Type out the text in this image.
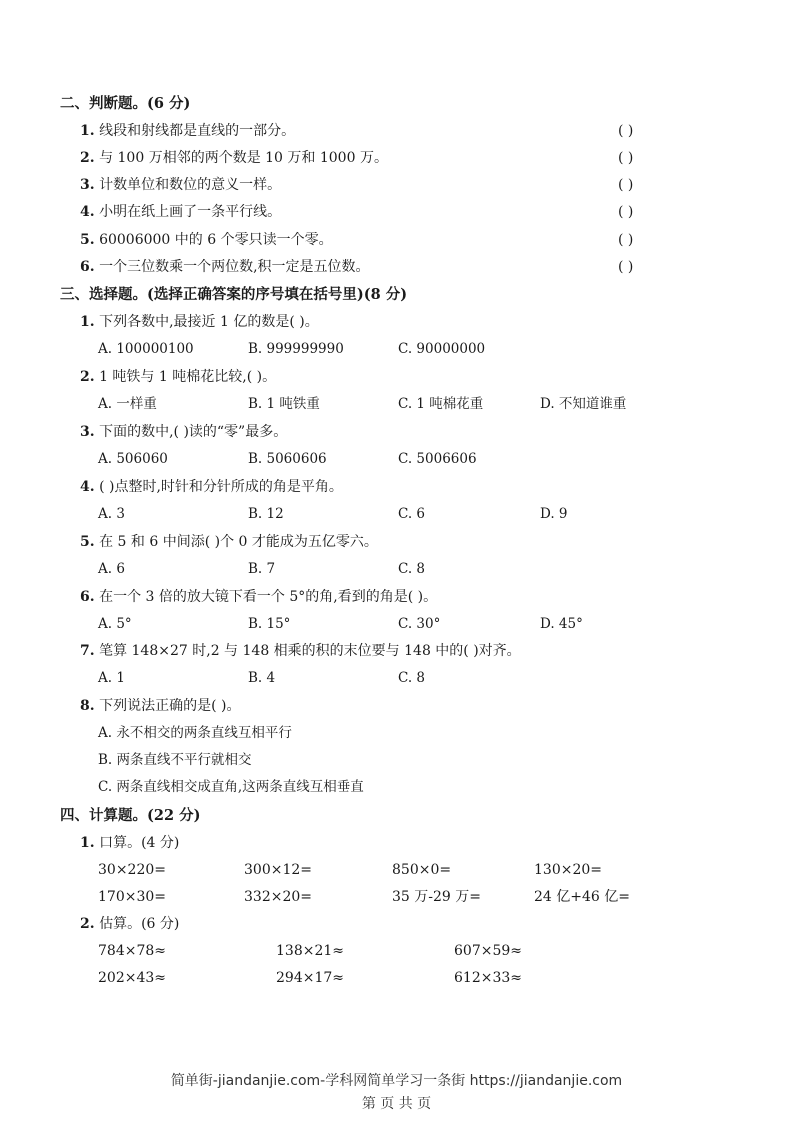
二、判断题。(6 分)
1. 线段和射线都是直线的一部分。	( )
2. 与 100 万相邻的两个数是 10 万和 1000 万。	( )
3. 计数单位和数位的意义一样。	( )
4. 小明在纸上画了一条平行线。	( )
5. 60006000 中的 6 个零只读一个零。	( )
6. 一个三位数乘一个两位数,积一定是五位数。	( )
三、选择题。(选择正确答案的序号填在括号里)(8 分)
1. 下列各数中,最接近 1 亿的数是( )。
A. 100000100	B. 999999990	C. 90000000
2. 1 吨铁与 1 吨棉花比较,( )。
A. 一样重	B. 1 吨铁重	C. 1 吨棉花重	D. 不知道谁重
3. 下面的数中,( )读的“零”最多。
A. 506060	B. 5060606	C. 5006606
4. ( )点整时,时针和分针所成的角是平角。
A. 3	B. 12	C. 6	D. 9
5. 在 5 和 6 中间添( )个 0 才能成为五亿零六。
A. 6	B. 7	C. 8
6. 在一个 3 倍的放大镜下看一个 5°的角,看到的角是( )。
A. 5°	B. 15°	C. 30°	D. 45°
7. 笔算 148×27 时,2 与 148 相乘的积的末位要与 148 中的( )对齐。
A. 1	B. 4	C. 8
8. 下列说法正确的是( )。
A. 永不相交的两条直线互相平行
B. 两条直线不平行就相交
C. 两条直线相交成直角,这两条直线互相垂直
四、计算题。(22 分)
1. 口算。(4 分)
30×220=	300×12=	850×0=	130×20=
170×30=	332×20=	35 万-29 万=	24 亿+46 亿=
2. 估算。(6 分)
784×78≈	138×21≈	607×59≈
202×43≈	294×17≈	612×33≈
简单街-jiandanjie.com-学科网简单学习一条街 https://jiandanjie.com
第 页 共 页
